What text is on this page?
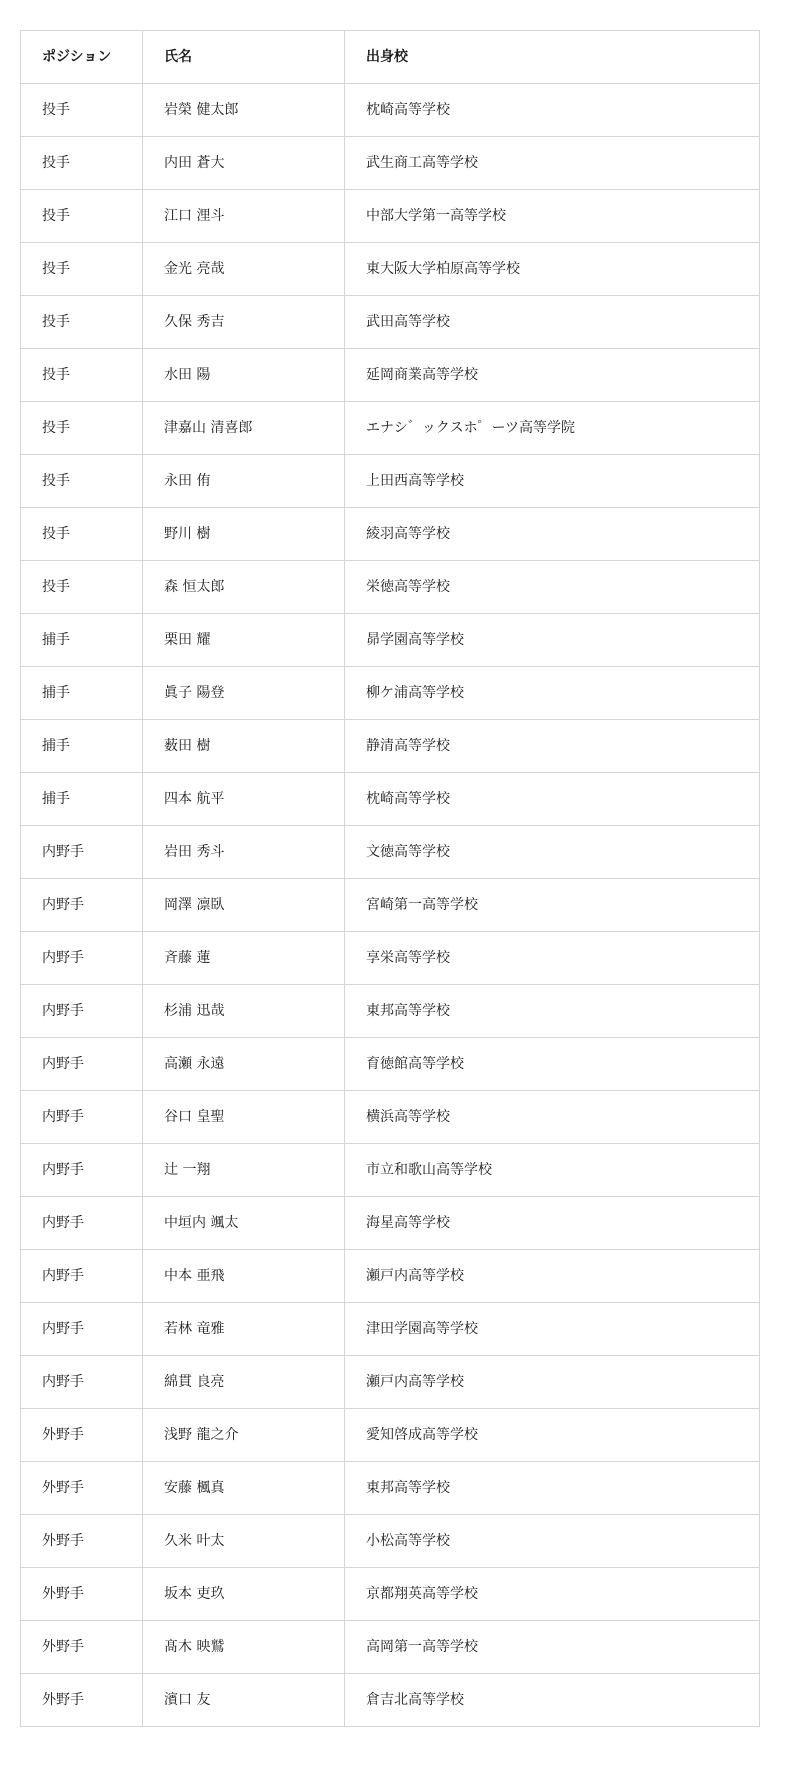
ポジション	氏名	出身校
投手	岩榮 健太郎	枕崎高等学校
投手	内田 蒼大	武生商工高等学校
投手	江口 浬斗	中部大学第一高等学校
投手	金光 亮哉	東大阪大学柏原高等学校
投手	久保 秀吉	武田高等学校
投手	水田 陽	延岡商業高等学校
投手	津嘉山 清喜郎	エナシ゛ックスホ゜ーツ高等学院
投手	永田 侑	上田西高等学校
投手	野川 樹	綾羽高等学校
投手	森 恒太郎	栄徳高等学校
捕手	栗田 耀	昴学園高等学校
捕手	眞子 陽登	柳ケ浦高等学校
捕手	薮田 樹	静清高等学校
捕手	四本 航平	枕崎高等学校
内野手	岩田 秀斗	文徳高等学校
内野手	岡澤 凛臥	宮崎第一高等学校
内野手	斉藤 蓮	享栄高等学校
内野手	杉浦 迅哉	東邦高等学校
内野手	高瀬 永遠	育徳館高等学校
内野手	谷口 皇聖	横浜高等学校
内野手	辻 一翔	市立和歌山高等学校
内野手	中垣内 颯太	海星高等学校
内野手	中本 亜飛	瀬戸内高等学校
内野手	若林 竜雅	津田学園高等学校
内野手	綿貫 良亮	瀬戸内高等学校
外野手	浅野 龍之介	愛知啓成高等学校
外野手	安藤 楓真	東邦高等学校
外野手	久米 叶太	小松高等学校
外野手	坂本 吏玖	京都翔英高等学校
外野手	髙木 映鷲	高岡第一高等学校
外野手	濱口 友	倉吉北高等学校
